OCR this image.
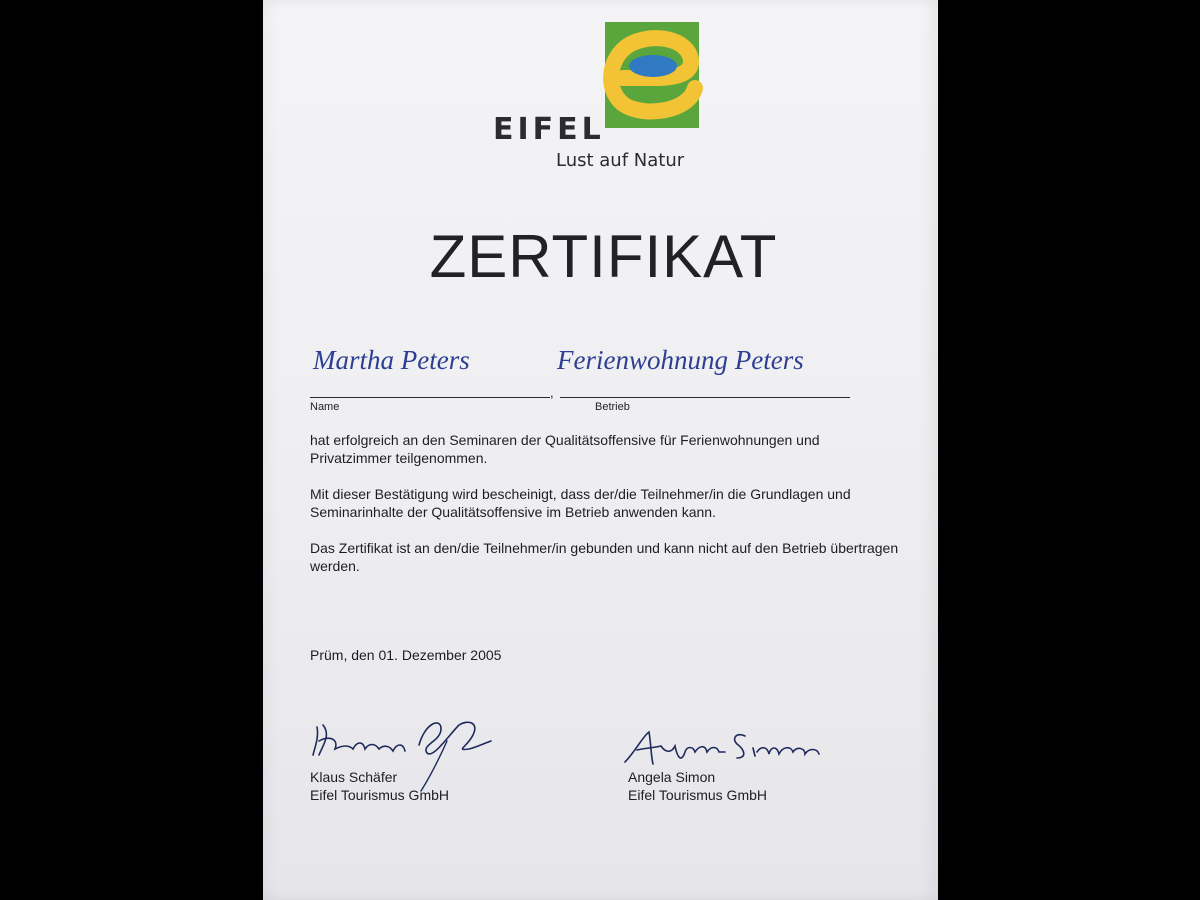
EIFEL
Lust auf Natur
ZERTIFIKAT
Martha Peters	Ferienwohnung Peters
,
Name	Betrieb

hat erfolgreich an den Seminaren der Qualitätsoffensive für Ferienwohnungen und Privatzimmer teilgenommen.

Mit dieser Bestätigung wird bescheinigt, dass der/die Teilnehmer/in die Grundlagen und Seminarinhalte der Qualitätsoffensive im Betrieb anwenden kann.

Das Zertifikat ist an den/die Teilnehmer/in gebunden und kann nicht auf den Betrieb übertragen werden.

Prüm, den 01. Dezember 2005
Klaus Schäfer
Eifel Tourismus GmbH
Angela Simon
Eifel Tourismus GmbH
